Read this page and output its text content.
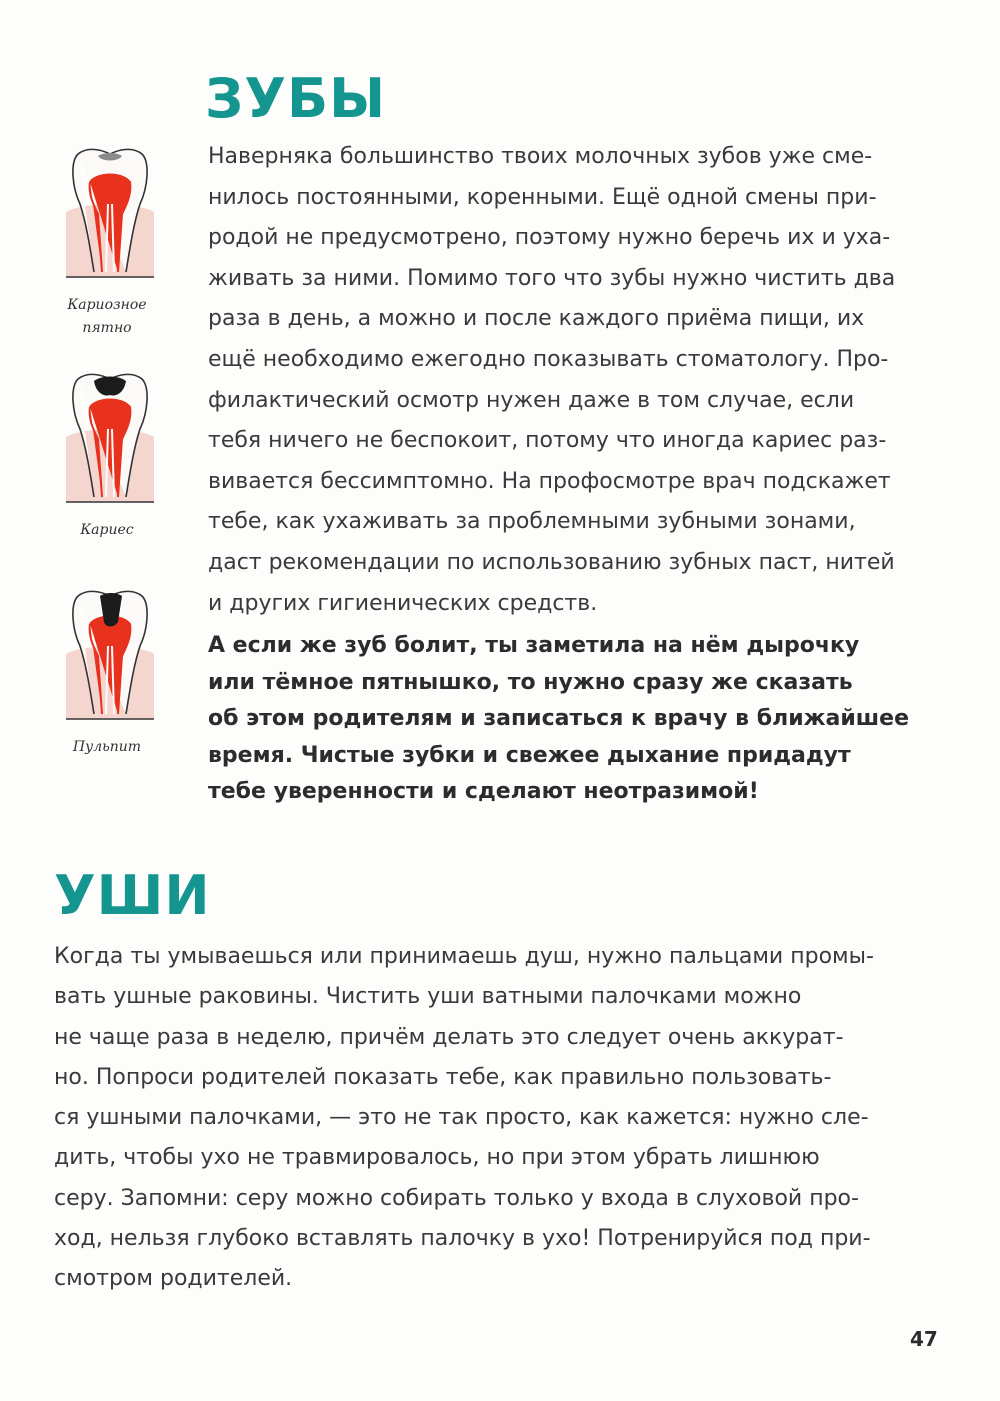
ЗУБЫ
Наверняка большинство твоих молочных зубов уже сме-
нилось постоянными, коренными. Ещё одной смены при-
родой не предусмотрено, поэтому нужно беречь их и уха-
живать за ними. Помимо того что зубы нужно чистить два
раза в день, а можно и после каждого приёма пищи, их
ещё необходимо ежегодно показывать стоматологу. Про-
филактический осмотр нужен даже в том случае, если
тебя ничего не беспокоит, потому что иногда кариес раз-
вивается бессимптомно. На профосмотре врач подскажет
тебе, как ухаживать за проблемными зубными зонами,
даст рекомендации по использованию зубных паст, нитей
и других гигиенических средств.
А если же зуб болит, ты заметила на нём дырочку
или тёмное пятнышко, то нужно сразу же сказать
об этом родителям и записаться к врачу в ближайшее
время. Чистые зубки и свежее дыхание придадут
тебе уверенности и сделают неотразимой!
Кариозное
пятно
Кариес
Пульпит
УШИ
Когда ты умываешься или принимаешь душ, нужно пальцами промы-
вать ушные раковины. Чистить уши ватными палочками можно
не чаще раза в неделю, причём делать это следует очень аккурат-
но. Попроси родителей показать тебе, как правильно пользовать-
ся ушными палочками, — это не так просто, как кажется: нужно сле-
дить, чтобы ухо не травмировалось, но при этом убрать лишнюю
серу. Запомни: серу можно собирать только у входа в слуховой про-
ход, нельзя глубоко вставлять палочку в ухо! Потренируйся под при-
смотром родителей.

47
